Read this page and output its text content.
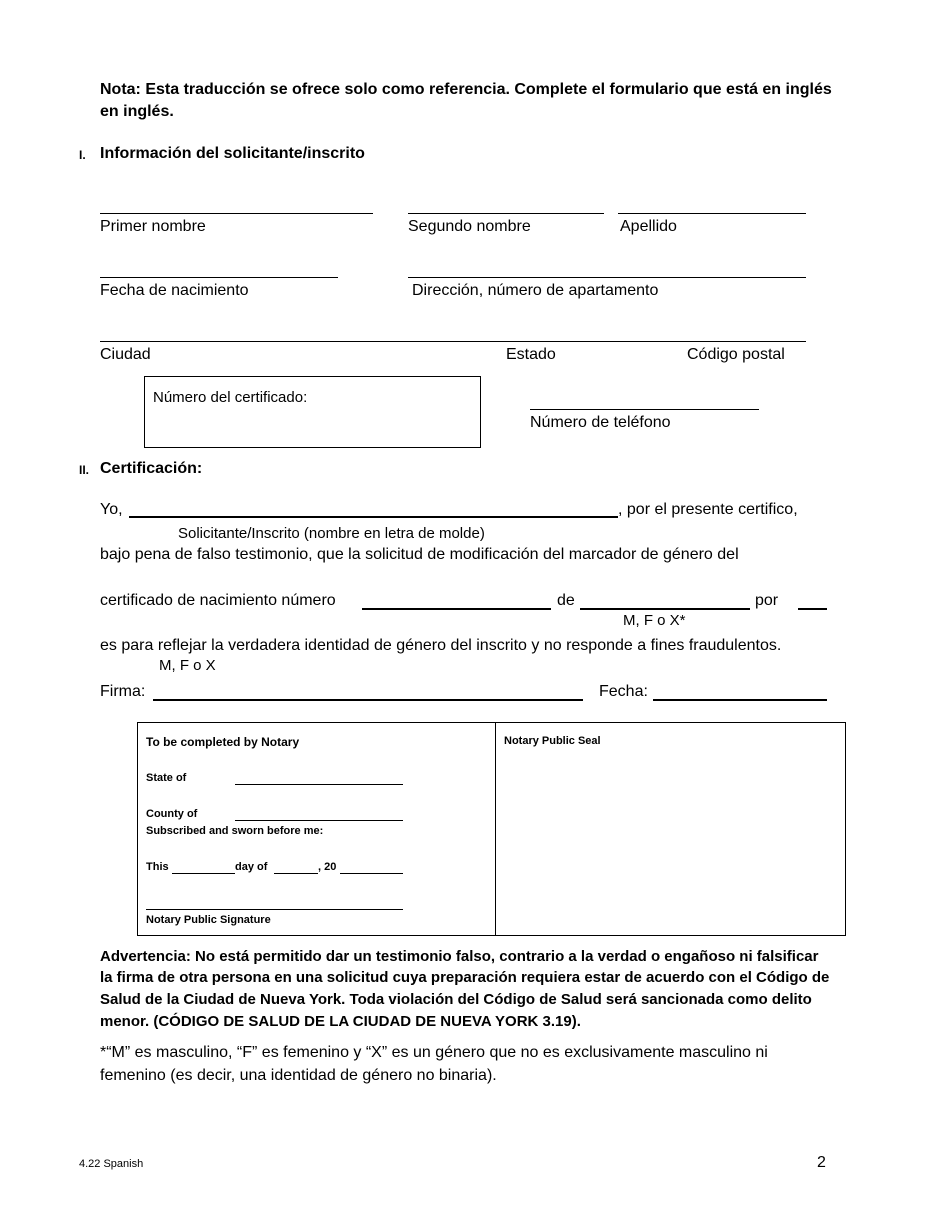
Nota: Esta traducción se ofrece solo como referencia. Complete el formulario que está en inglés
en inglés.
I. Información del solicitante/inscrito
Primer nombre	Segundo nombre	Apellido
Fecha de nacimiento	Dirección, número de apartamento
Ciudad	Estado	Código postal
Número del certificado:
Número de teléfono
II. Certificación:
Yo,	, por el presente certifico,
Solicitante/Inscrito (nombre en letra de molde)
bajo pena de falso testimonio, que la solicitud de modificación del marcador de género del
certificado de nacimiento número	de	por
M, F o X*
es para reflejar la verdadera identidad de género del inscrito y no responde a fines fraudulentos.
M, F o X
Firma:	Fecha:
To be completed by Notary
State of
County of
Subscribed and sworn before me:
This	day of	, 20
Notary Public Signature
Notary Public Seal
Advertencia: No está permitido dar un testimonio falso, contrario a la verdad o engañoso ni falsificar
la firma de otra persona en una solicitud cuya preparación requiera estar de acuerdo con el Código de
Salud de la Ciudad de Nueva York. Toda violación del Código de Salud será sancionada como delito
menor. (CÓDIGO DE SALUD DE LA CIUDAD DE NUEVA YORK 3.19).
*“M” es masculino, “F” es femenino y “X” es un género que no es exclusivamente masculino ni
femenino (es decir, una identidad de género no binaria).
4.22 Spanish	2
